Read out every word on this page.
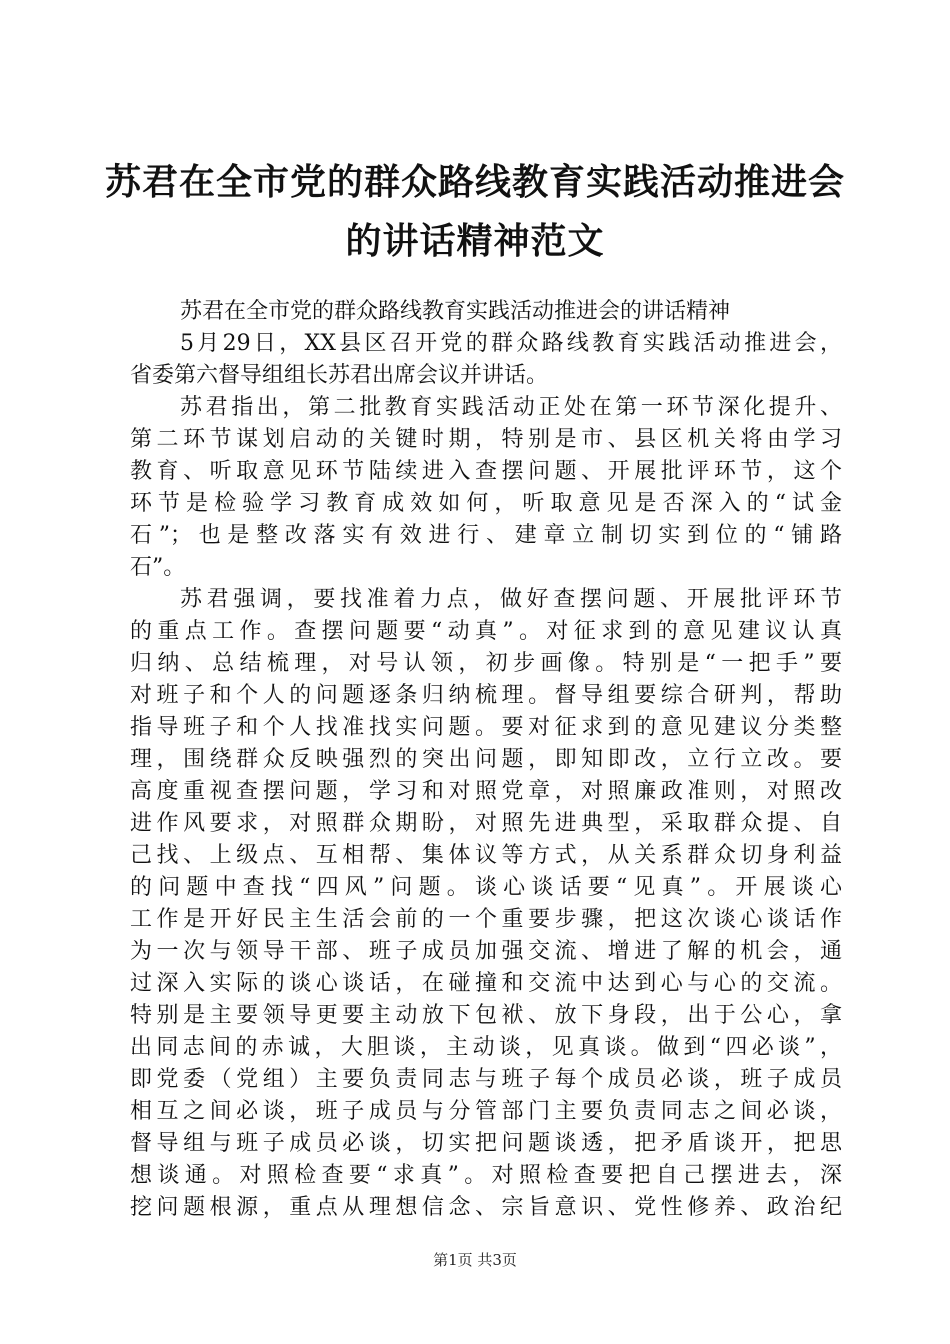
苏君在全市党的群众路线教育实践活动推进会
的讲话精神范文
苏君在全市党的群众路线教育实践活动推进会的讲话精神
5月29日，XX县区召开党的群众路线教育实践活动推进会，
省委第六督导组组长苏君出席会议并讲话。
苏君指出，第二批教育实践活动正处在第一环节深化提升、
第二环节谋划启动的关键时期，特别是市、县区机关将由学习
教育、听取意见环节陆续进入查摆问题、开展批评环节，这个
环节是检验学习教育成效如何，听取意见是否深入的“试金
石”；也是整改落实有效进行、建章立制切实到位的“铺路
石”。
苏君强调，要找准着力点，做好查摆问题、开展批评环节
的重点工作。查摆问题要“动真”。对征求到的意见建议认真
归纳、总结梳理，对号认领，初步画像。特别是“一把手”要
对班子和个人的问题逐条归纳梳理。督导组要综合研判，帮助
指导班子和个人找准找实问题。要对征求到的意见建议分类整
理，围绕群众反映强烈的突出问题，即知即改，立行立改。要
高度重视查摆问题，学习和对照党章，对照廉政准则，对照改
进作风要求，对照群众期盼，对照先进典型，采取群众提、自
己找、上级点、互相帮、集体议等方式，从关系群众切身利益
的问题中查找“四风”问题。谈心谈话要“见真”。开展谈心
工作是开好民主生活会前的一个重要步骤，把这次谈心谈话作
为一次与领导干部、班子成员加强交流、增进了解的机会，通
过深入实际的谈心谈话，在碰撞和交流中达到心与心的交流。
特别是主要领导更要主动放下包袱、放下身段，出于公心，拿
出同志间的赤诚，大胆谈，主动谈，见真谈。做到“四必谈”，
即党委（党组）主要负责同志与班子每个成员必谈，班子成员
相互之间必谈，班子成员与分管部门主要负责同志之间必谈，
督导组与班子成员必谈，切实把问题谈透，把矛盾谈开，把思
想谈通。对照检查要“求真”。对照检查要把自己摆进去，深
挖问题根源，重点从理想信念、宗旨意识、党性修养、政治纪
第1页 共3页
